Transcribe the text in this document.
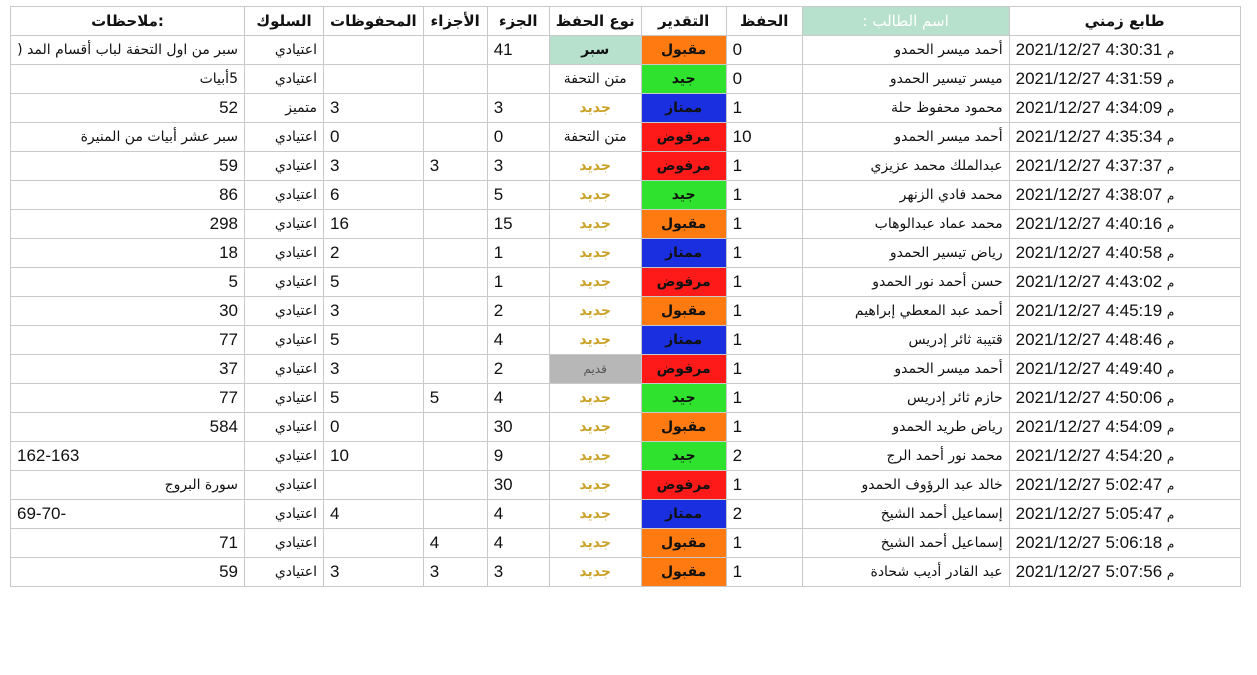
طابع زمني	اسم الطالب :	الحفظ	التقدير	نوع الحفظ	الجزء	الأجزاء	المحفوظات	السلوك	:ملاحظات
2021/12/27 4:30:31 م	أحمد ميسر الحمدو	0	مقبول	سبر	41			اعتيادي	سبر من اول التحفة لباب أقسام المد (
2021/12/27 4:31:59 م	ميسر تيسير الحمدو	0	جيد	متن التحفة				اعتيادي	5أبيات
2021/12/27 4:34:09 م	محمود محفوظ حلة	1	ممتاز	جديد	3		3	متميز	52
2021/12/27 4:35:34 م	أحمد ميسر الحمدو	10	مرفوض	متن التحفة	0		0	اعتيادي	سبر عشر أبيات من المنيرة
2021/12/27 4:37:37 م	عبدالملك محمد عزيزي	1	مرفوض	جديد	3	3	3	اعتيادي	59
2021/12/27 4:38:07 م	محمد فادي الزنهر	1	جيد	جديد	5		6	اعتيادي	86
2021/12/27 4:40:16 م	محمد عماد عبدالوهاب	1	مقبول	جديد	15		16	اعتيادي	298
2021/12/27 4:40:58 م	رياض تيسير الحمدو	1	ممتاز	جديد	1		2	اعتيادي	18
2021/12/27 4:43:02 م	حسن أحمد نور الحمدو	1	مرفوض	جديد	1		5	اعتيادي	5
2021/12/27 4:45:19 م	أحمد عبد المعطي إبراهيم	1	مقبول	جديد	2		3	اعتيادي	30
2021/12/27 4:48:46 م	قتيبة ثائر إدريس	1	ممتاز	جديد	4		5	اعتيادي	77
2021/12/27 4:49:40 م	أحمد ميسر الحمدو	1	مرفوض	قديم	2		3	اعتيادي	37
2021/12/27 4:50:06 م	حازم ثائر إدريس	1	جيد	جديد	4	5	5	اعتيادي	77
2021/12/27 4:54:09 م	رياض طريد الحمدو	1	مقبول	جديد	30		0	اعتيادي	584
2021/12/27 4:54:20 م	محمد نور أحمد الرج	2	جيد	جديد	9		10	اعتيادي	162-163
2021/12/27 5:02:47 م	خالد عبد الرؤوف الحمدو	1	مرفوض	جديد	30			اعتيادي	سورة البروج
2021/12/27 5:05:47 م	إسماعيل أحمد الشيخ	2	ممتاز	جديد	4		4	اعتيادي	69-70-
2021/12/27 5:06:18 م	إسماعيل أحمد الشيخ	1	مقبول	جديد	4	4		اعتيادي	71
2021/12/27 5:07:56 م	عبد القادر أديب شحادة	1	مقبول	جديد	3	3	3	اعتيادي	59
